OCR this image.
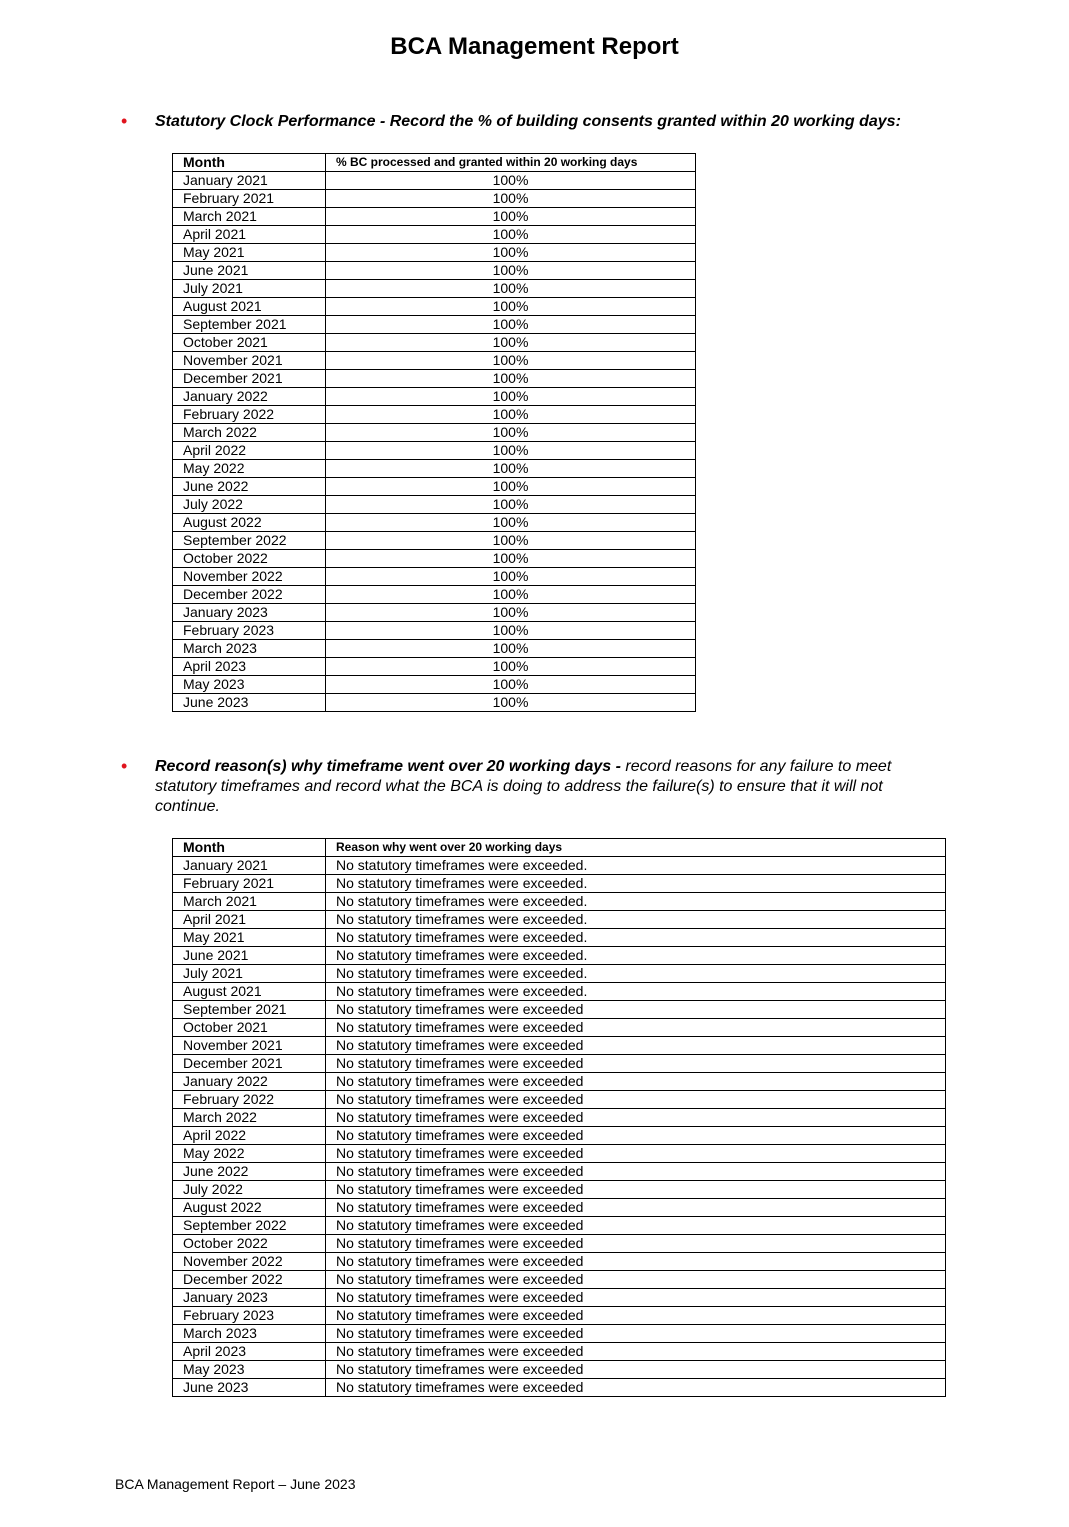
BCA Management Report
• Statutory Clock Performance - Record the % of building consents granted within 20 working days:
Month	% BC processed and granted within 20 working days
January 2021	100%
February 2021	100%
March 2021	100%
April 2021	100%
May 2021	100%
June 2021	100%
July 2021	100%
August 2021	100%
September 2021	100%
October 2021	100%
November 2021	100%
December 2021	100%
January 2022	100%
February 2022	100%
March 2022	100%
April 2022	100%
May 2022	100%
June 2022	100%
July 2022	100%
August 2022	100%
September 2022	100%
October 2022	100%
November 2022	100%
December 2022	100%
January 2023	100%
February 2023	100%
March 2023	100%
April 2023	100%
May 2023	100%
June 2023	100%
• Record reason(s) why timeframe went over 20 working days - record reasons for any failure to meet statutory timeframes and record what the BCA is doing to address the failure(s) to ensure that it will not continue.
Month	Reason why went over 20 working days
January 2021	No statutory timeframes were exceeded.
February 2021	No statutory timeframes were exceeded.
March 2021	No statutory timeframes were exceeded.
April 2021	No statutory timeframes were exceeded.
May 2021	No statutory timeframes were exceeded.
June 2021	No statutory timeframes were exceeded.
July 2021	No statutory timeframes were exceeded.
August 2021	No statutory timeframes were exceeded.
September 2021	No statutory timeframes were exceeded
October 2021	No statutory timeframes were exceeded
November 2021	No statutory timeframes were exceeded
December 2021	No statutory timeframes were exceeded
January 2022	No statutory timeframes were exceeded
February 2022	No statutory timeframes were exceeded
March 2022	No statutory timeframes were exceeded
April 2022	No statutory timeframes were exceeded
May 2022	No statutory timeframes were exceeded
June 2022	No statutory timeframes were exceeded
July 2022	No statutory timeframes were exceeded
August 2022	No statutory timeframes were exceeded
September 2022	No statutory timeframes were exceeded
October 2022	No statutory timeframes were exceeded
November 2022	No statutory timeframes were exceeded
December 2022	No statutory timeframes were exceeded
January 2023	No statutory timeframes were exceeded
February 2023	No statutory timeframes were exceeded
March 2023	No statutory timeframes were exceeded
April 2023	No statutory timeframes were exceeded
May 2023	No statutory timeframes were exceeded
June 2023	No statutory timeframes were exceeded
BCA Management Report – June 2023
